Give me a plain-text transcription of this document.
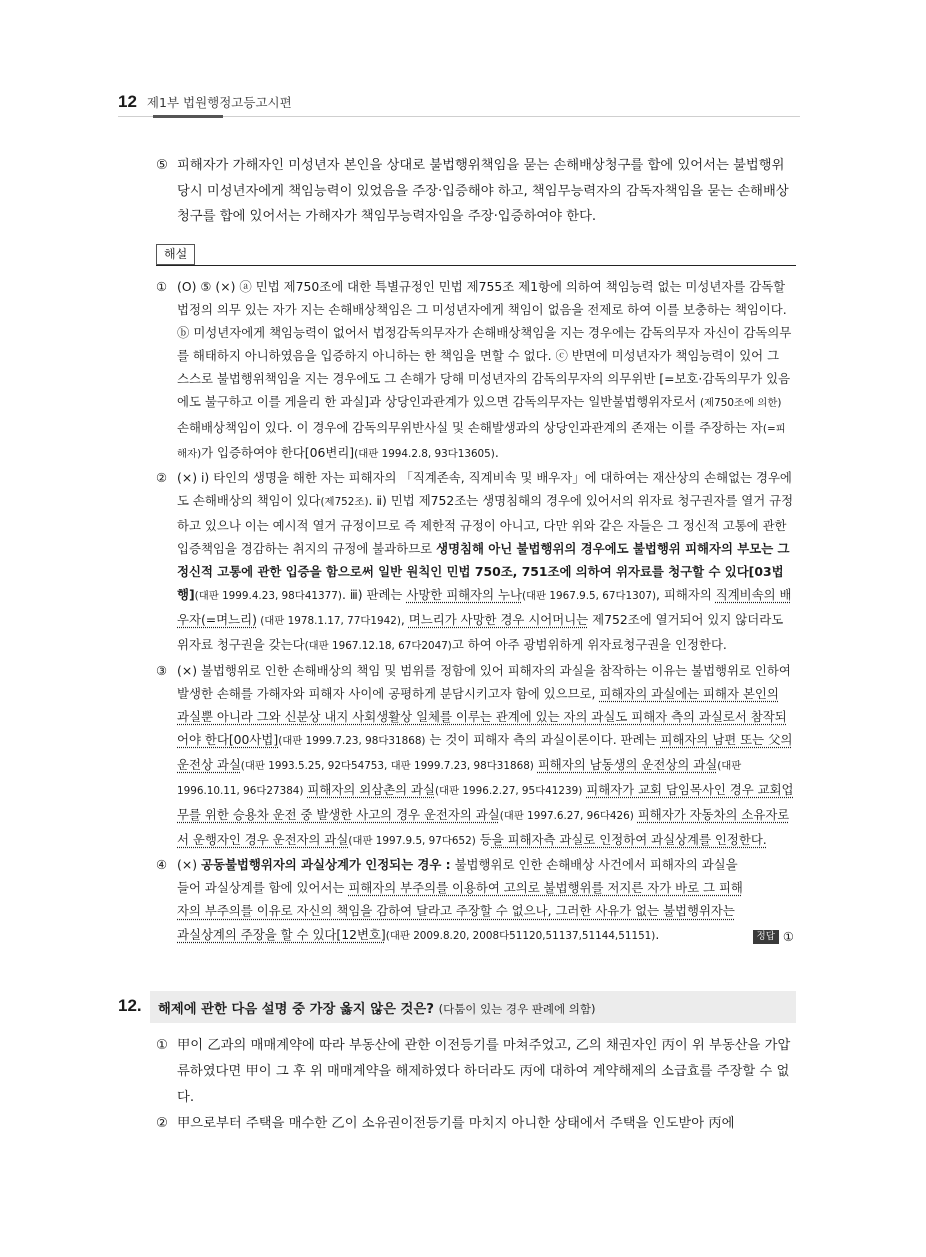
12 제1부 법원행정고등고시편
⑤ 피해자가 가해자인 미성년자 본인을 상대로 불법행위책임을 묻는 손해배상청구를 합에 있어서는 불법행위 당시 미성년자에게 책임능력이 있었음을 주장·입증해야 하고, 책임무능력자의 감독자책임을 묻는 손해배상청구를 합에 있어서는 가해자가 책임무능력자임을 주장·입증하여야 한다.
해설
① (O) ⑤ (×) ⓐ 민법 제750조에 대한 특별규정인 민법 제755조 제1항에 의하여 책임능력 없는 미성년자를 감독할 법정의 의무 있는 자가 지는 손해배상책임은 그 미성년자에게 책임이 없음을 전제로 하여 이를 보충하는 책임이다. ⓑ 미성년자에게 책임능력이 없어서 법정감독의무자가 손해배상책임을 지는 경우에는 감독의무자 자신이 감독의무를 해태하지 아니하였음을 입증하지 아니하는 한 책임을 면할 수 없다. ⓒ 반면에 미성년자가 책임능력이 있어 그 스스로 불법행위책임을 지는 경우에도 그 손해가 당해 미성년자의 감독의무자의 의무위반 [=보호·감독의무가 있음에도 불구하고 이를 게을리 한 과실]과 상당인과관계가 있으면 감독의무자는 일반불법행위자로서 (제750조에 의한) 손해배상책임이 있다. 이 경우에 감독의무위반사실 및 손해발생과의 상당인과관계의 존재는 이를 주장하는 자(=피해자)가 입증하여야 한다[06변리](대판 1994.2.8, 93다13605).
② (×) ⅰ) 타인의 생명을 해한 자는 피해자의 「직계존속, 직계비속 및 배우자」에 대하여는 재산상의 손해없는 경우에도 손해배상의 책임이 있다(제752조). ⅱ) 민법 제752조는 생명침해의 경우에 있어서의 위자료 청구권자를 열거 규정하고 있으나 이는 예시적 열거 규정이므로 즉 제한적 규정이 아니고, 다만 위와 같은 자들은 그 정신적 고통에 관한 입증책임을 경감하는 취지의 규정에 불과하므로 생명침해 아닌 불법행위의 경우에도 불법행위 피해자의 부모는 그 정신적 고통에 관한 입증을 함으로써 일반 원칙인 민법 750조, 751조에 의하여 위자료를 청구할 수 있다[03법행](대판 1999.4.23, 98다41377). ⅲ) 판례는 사망한 피해자의 누나(대판 1967.9.5, 67다1307), 피해자의 직계비속의 배우자(=며느리) (대판 1978.1.17, 77다1942), 며느리가 사망한 경우 시어머니는 제752조에 열거되어 있지 않더라도 위자료 청구권을 갖는다(대판 1967.12.18, 67다2047)고 하여 아주 광범위하게 위자료청구권을 인정한다.
③ (×) 불법행위로 인한 손해배상의 책임 및 범위를 정함에 있어 피해자의 과실을 참작하는 이유는 불법행위로 인하여 발생한 손해를 가해자와 피해자 사이에 공평하게 분담시키고자 함에 있으므로, 피해자의 과실에는 피해자 본인의 과실뿐 아니라 그와 신분상 내지 사회생활상 일체를 이루는 관계에 있는 자의 과실도 피해자 측의 과실로서 참작되어야 한다[00사법](대판 1999.7.23, 98다31868) 는 것이 피해자 측의 과실이론이다. 판례는 피해자의 남편 또는 父의 운전상 과실(대판 1993.5.25, 92다54753, 대판 1999.7.23, 98다31868) 피해자의 남동생의 운전상의 과실(대판 1996.10.11, 96다27384) 피해자의 외삼촌의 과실(대판 1996.2.27, 95다41239) 피해자가 교회 담임목사인 경우 교회업무를 위한 승용차 운전 중 발생한 사고의 경우 운전자의 과실(대판 1997.6.27, 96다426) 피해자가 자동차의 소유자로서 운행자인 경우 운전자의 과실(대판 1997.9.5, 97다652) 등을 피해자측 과실로 인정하여 과실상계를 인정한다.
④ (×) 공동불법행위자의 과실상계가 인정되는 경우 : 불법행위로 인한 손해배상 사건에서 피해자의 과실을 들어 과실상계를 함에 있어서는 피해자의 부주의를 이용하여 고의로 불법행위를 저지른 자가 바로 그 피해자의 부주의를 이유로 자신의 책임을 감하여 달라고 주장할 수 없으나, 그러한 사유가 없는 불법행위자는 과실상계의 주장을 할 수 있다[12변호](대판 2009.8.20, 2008다51120,51137,51144,51151).	정답 ①
12. 해제에 관한 다음 설명 중 가장 옳지 않은 것은? (다툼이 있는 경우 판례에 의함)
① 甲이 乙과의 매매계약에 따라 부동산에 관한 이전등기를 마쳐주었고, 乙의 채권자인 丙이 위 부동산을 가압류하였다면 甲이 그 후 위 매매계약을 해제하였다 하더라도 丙에 대하여 계약해제의 소급효를 주장할 수 없다.
② 甲으로부터 주택을 매수한 乙이 소유권이전등기를 마치지 아니한 상태에서 주택을 인도받아 丙에
